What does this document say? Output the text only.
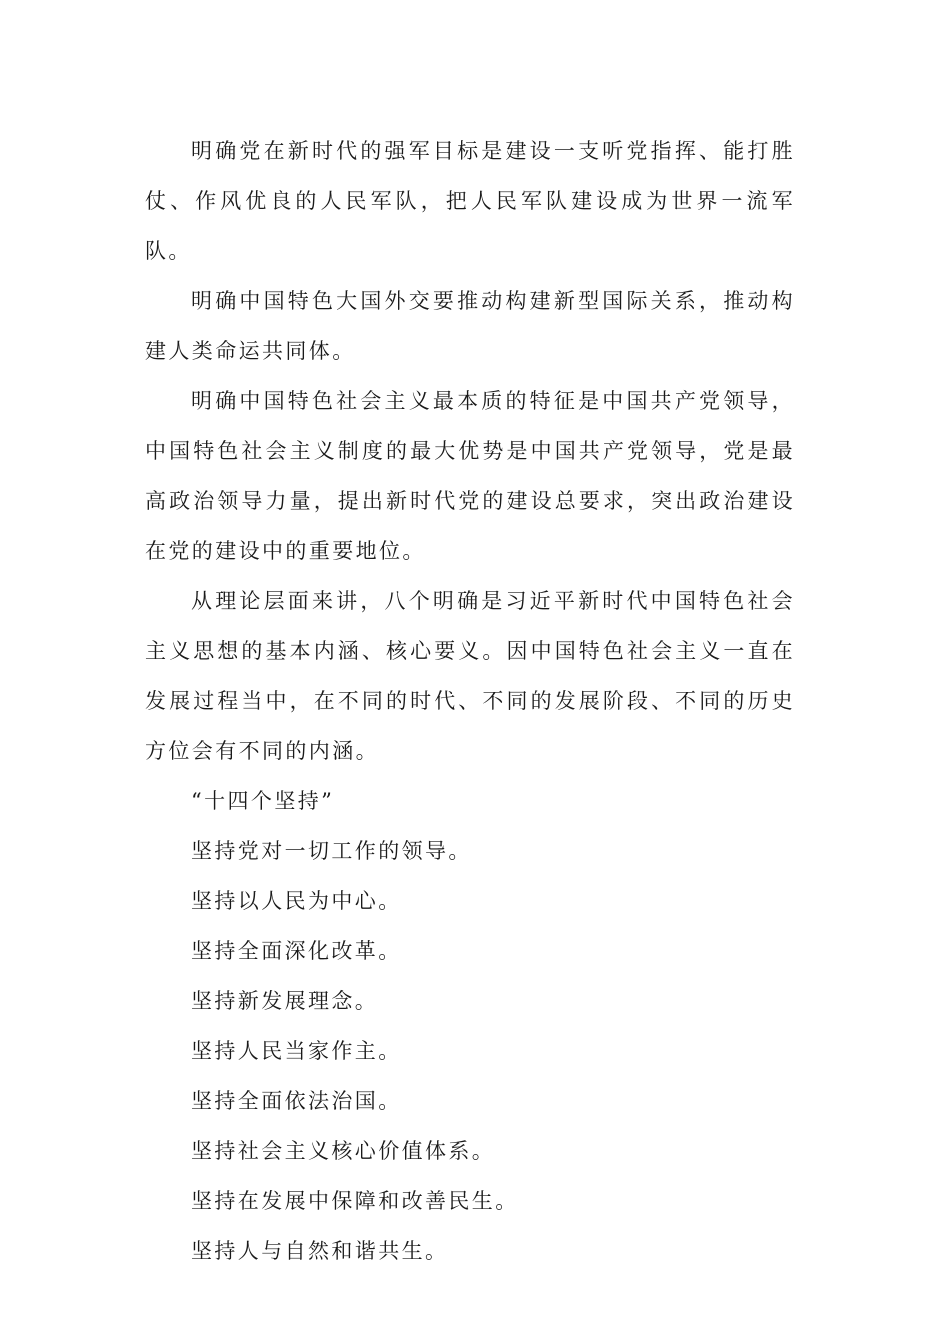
明确党在新时代的强军目标是建设一支听党指挥、能打胜仗、作风优良的人民军队，把人民军队建设成为世界一流军队。

明确中国特色大国外交要推动构建新型国际关系，推动构建人类命运共同体。

明确中国特色社会主义最本质的特征是中国共产党领导，中国特色社会主义制度的最大优势是中国共产党领导，党是最高政治领导力量，提出新时代党的建设总要求，突出政治建设在党的建设中的重要地位。

从理论层面来讲，八个明确是习近平新时代中国特色社会主义思想的基本内涵、核心要义。因中国特色社会主义一直在发展过程当中，在不同的时代、不同的发展阶段、不同的历史方位会有不同的内涵。

“十四个坚持”

坚持党对一切工作的领导。

坚持以人民为中心。

坚持全面深化改革。

坚持新发展理念。

坚持人民当家作主。

坚持全面依法治国。

坚持社会主义核心价值体系。

坚持在发展中保障和改善民生。

坚持人与自然和谐共生。
